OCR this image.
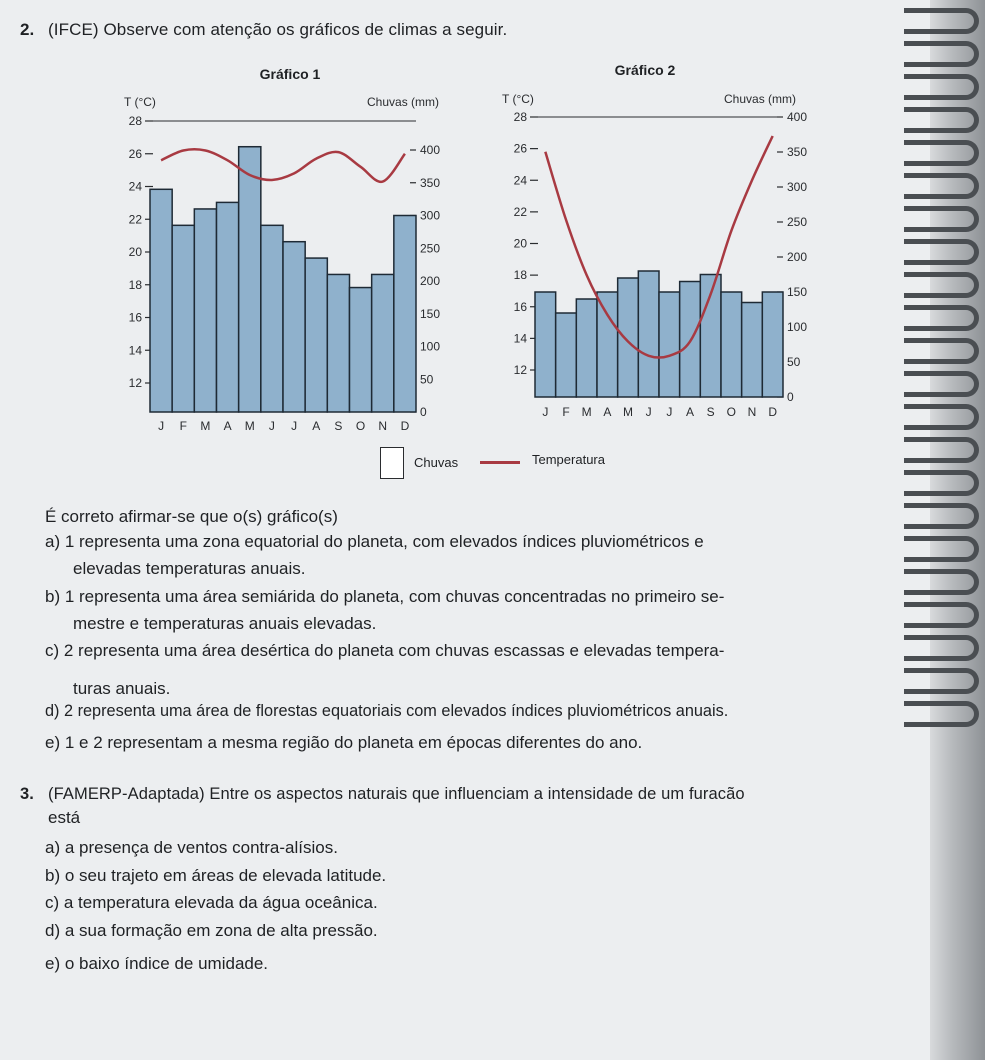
2. (IFCE) Observe com atenção os gráficos de climas a seguir.
Gráfico 1	Gráfico 2
T (°C)	Chuvas (mm)
12
14
16
18
20
22
24
26
28
0
50
100
150
200
250
300
350
400
J F M A M J J A S O N D
T (°C)	Chuvas (mm)
12
14
16
18
20
22
24
26
28
0
50
100
150
200
250
300
350
400
J F M A M J J A S O N D
Chuvas	Temperatura
É correto afirmar-se que o(s) gráfico(s)
a) 1 representa uma zona equatorial do planeta, com elevados índices pluviométricos e
elevadas temperaturas anuais.
b) 1 representa uma área semiárida do planeta, com chuvas concentradas no primeiro se-
mestre e temperaturas anuais elevadas.
c) 2 representa uma área desértica do planeta com chuvas escassas e elevadas tempera-
turas anuais.
d) 2 representa uma área de florestas equatoriais com elevados índices pluviométricos anuais.
e) 1 e 2 representam a mesma região do planeta em épocas diferentes do ano.
3. (FAMERP-Adaptada) Entre os aspectos naturais que influenciam a intensidade de um furacão
está
a) a presença de ventos contra-alísios.
b) o seu trajeto em áreas de elevada latitude.
c) a temperatura elevada da água oceânica.
d) a sua formação em zona de alta pressão.
e) o baixo índice de umidade.
